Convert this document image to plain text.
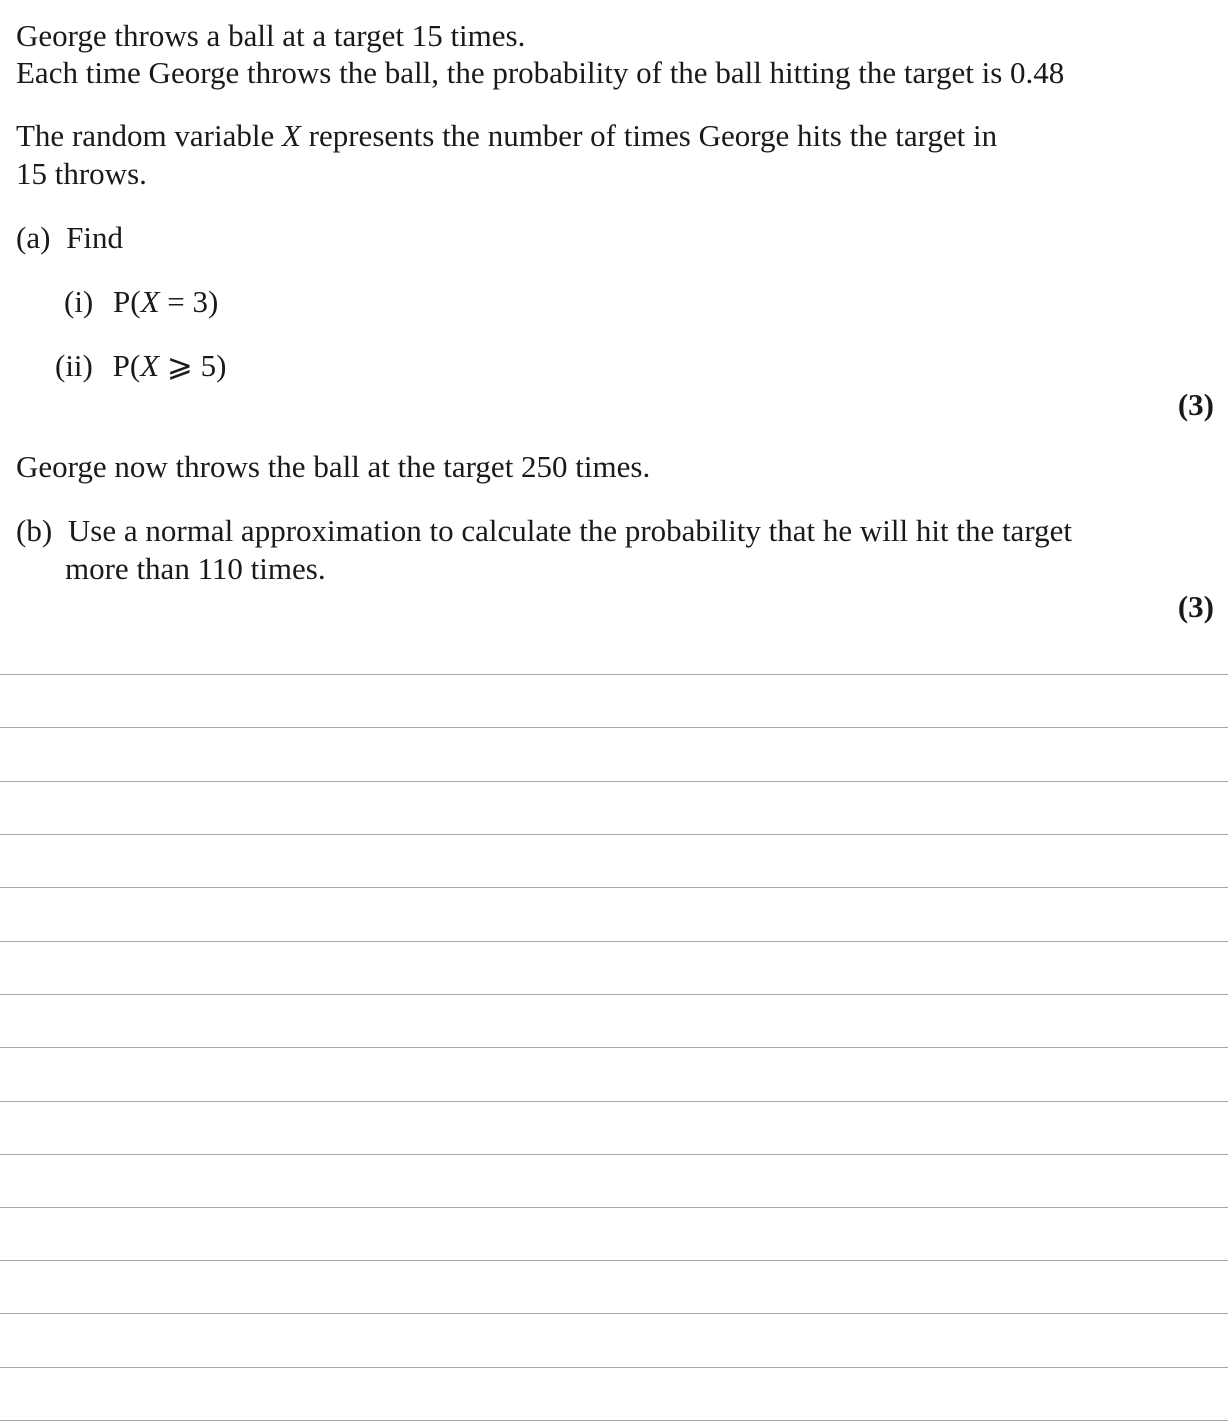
George throws a ball at a target 15 times.
Each time George throws the ball, the probability of the ball hitting the target is 0.48
The random variable X represents the number of times George hits the target in
15 throws.
(a) Find
(i) P(X = 3)
(ii) P(X ⩾ 5)
(3)
George now throws the ball at the target 250 times.
(b) Use a normal approximation to calculate the probability that he will hit the target
more than 110 times.
(3)
